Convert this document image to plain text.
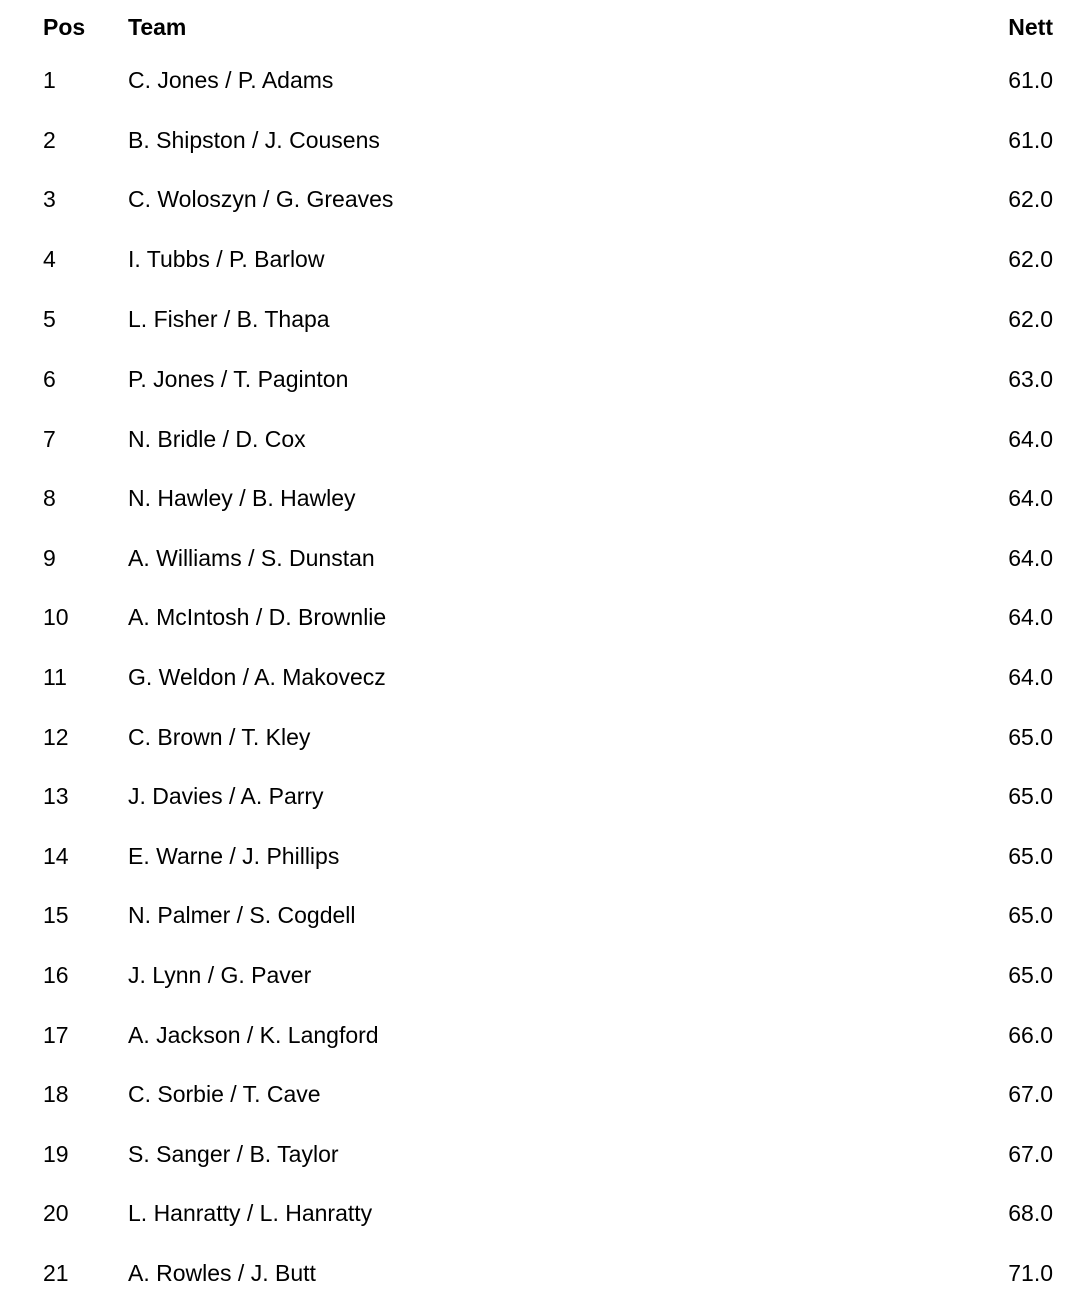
Pos Team	Nett
1	C. Jones / P. Adams	61.0
2	B. Shipston / J. Cousens	61.0
3	C. Woloszyn / G. Greaves	62.0
4	I. Tubbs / P. Barlow	62.0
5	L. Fisher / B. Thapa	62.0
6	P. Jones / T. Paginton	63.0
7	N. Bridle / D. Cox	64.0
8	N. Hawley / B. Hawley	64.0
9	A. Williams / S. Dunstan	64.0
10	A. McIntosh / D. Brownlie	64.0
11	G. Weldon / A. Makovecz	64.0
12	C. Brown / T. Kley	65.0
13	J. Davies / A. Parry	65.0
14	E. Warne / J. Phillips	65.0
15	N. Palmer / S. Cogdell	65.0
16	J. Lynn / G. Paver	65.0
17	A. Jackson / K. Langford	66.0
18	C. Sorbie / T. Cave	67.0
19	S. Sanger / B. Taylor	67.0
20	L. Hanratty / L. Hanratty	68.0
21	A. Rowles / J. Butt	71.0
